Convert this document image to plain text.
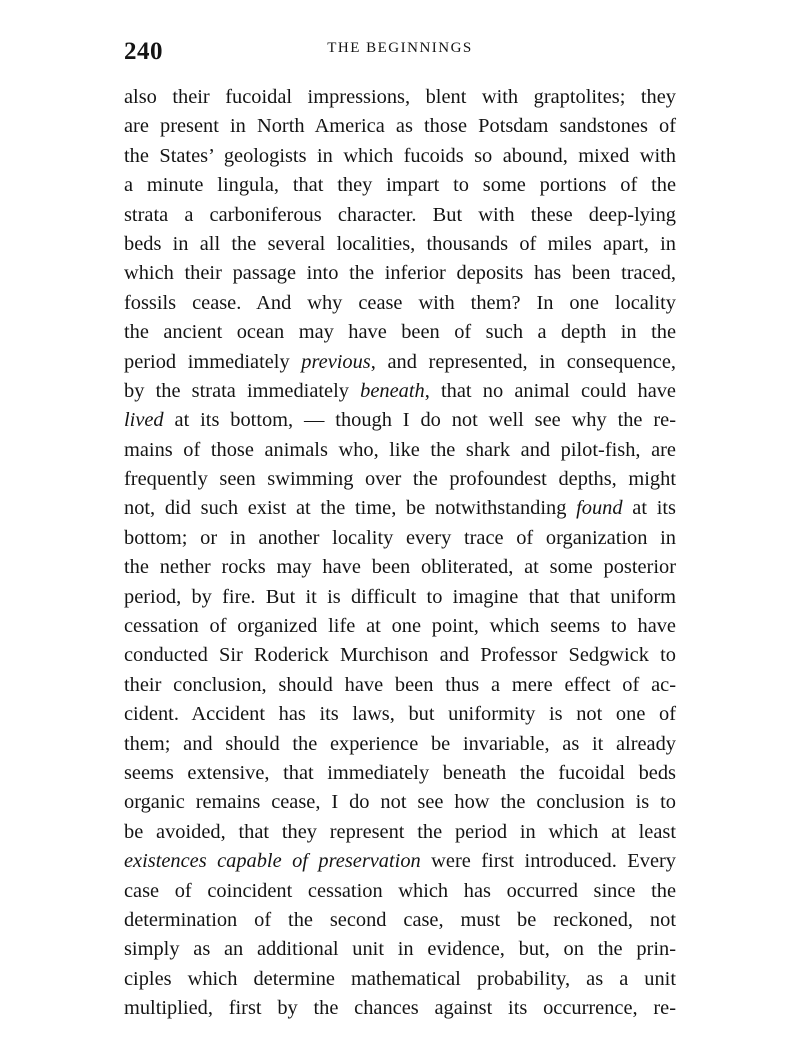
240	THE BEGINNINGS
also their fucoidal impressions, blent with graptolites; they
are present in North America as those Potsdam sandstones of
the States’ geologists in which fucoids so abound, mixed with
a minute lingula, that they impart to some portions of the
strata a carboniferous character. But with these deep-lying
beds in all the several localities, thousands of miles apart, in
which their passage into the inferior deposits has been traced,
fossils cease. And why cease with them? In one locality
the ancient ocean may have been of such a depth in the
period immediately previous, and represented, in consequence,
by the strata immediately beneath, that no animal could have
lived at its bottom, — though I do not well see why the re-
mains of those animals who, like the shark and pilot-fish, are
frequently seen swimming over the profoundest depths, might
not, did such exist at the time, be notwithstanding found at its
bottom; or in another locality every trace of organization in
the nether rocks may have been obliterated, at some posterior
period, by fire. But it is difficult to imagine that that uniform
cessation of organized life at one point, which seems to have
conducted Sir Roderick Murchison and Professor Sedgwick to
their conclusion, should have been thus a mere effect of ac-
cident. Accident has its laws, but uniformity is not one of
them; and should the experience be invariable, as it already
seems extensive, that immediately beneath the fucoidal beds
organic remains cease, I do not see how the conclusion is to
be avoided, that they represent the period in which at least
existences capable of preservation were first introduced. Every
case of coincident cessation which has occurred since the
determination of the second case, must be reckoned, not
simply as an additional unit in evidence, but, on the prin-
ciples which determine mathematical probability, as a unit
multiplied, first by the chances against its occurrence, re-
